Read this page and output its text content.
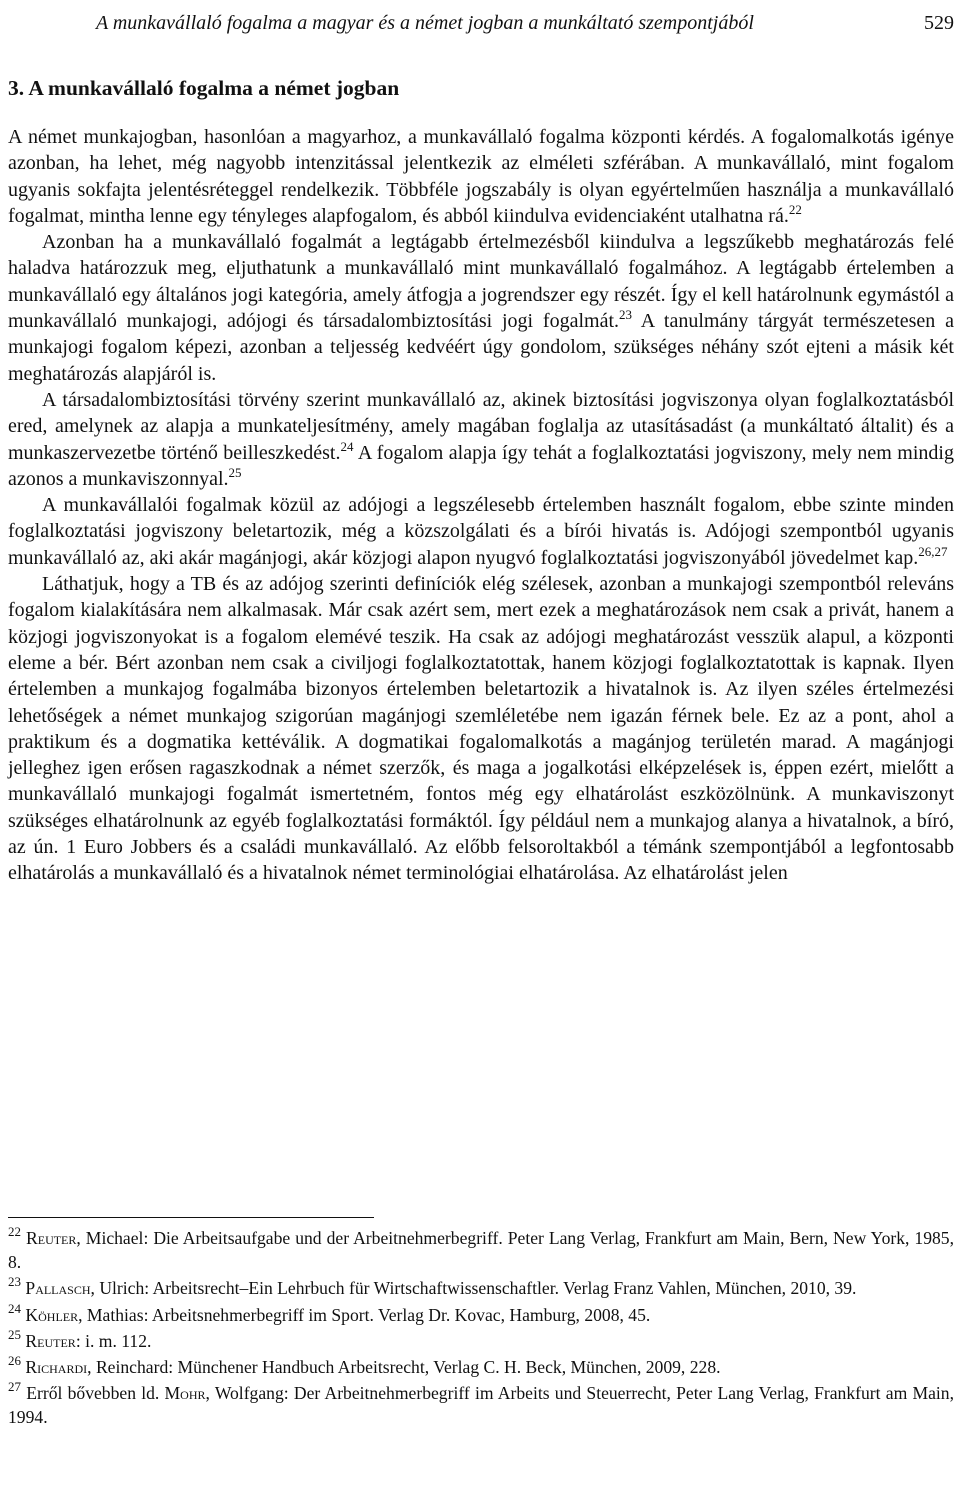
A munkavállaló fogalma a magyar és a német jogban a munkáltató szempontjából	529
3. A munkavállaló fogalma a német jogban

A német munkajogban, hasonlóan a magyarhoz, a munkavállaló fogalma központi kérdés. A fogalomalkotás igénye azonban, ha lehet, még nagyobb intenzitással jelentkezik az elméleti szférában. A munkavállaló, mint fogalom ugyanis sokfajta jelentésréteggel rendelkezik. Többféle jogszabály is olyan egyértelműen használja a munkavállaló fogalmat, mintha lenne egy tényleges alapfogalom, és abból kiindulva evidenciaként utalhatna rá.$^{22}$

Azonban ha a munkavállaló fogalmát a legtágabb értelmezésből kiindulva a legszűkebb meghatározás felé haladva határozzuk meg, eljuthatunk a munkavállaló mint munkavállaló fogalmához. A legtágabb értelemben a munkavállaló egy általános jogi kategória, amely átfogja a jogrendszer egy részét. Így el kell határolnunk egymástól a munkavállaló munkajogi, adójogi és társadalombiztosítási jogi fogalmát.$^{23}$ A tanulmány tárgyát természetesen a munkajogi fogalom képezi, azonban a teljesség kedvéért úgy gondolom, szükséges néhány szót ejteni a másik két meghatározás alapjáról is.

A társadalombiztosítási törvény szerint munkavállaló az, akinek biztosítási jogviszonya olyan foglalkoztatásból ered, amelynek az alapja a munkateljesítmény, amely magában foglalja az utasításadást (a munkáltató általit) és a munkaszervezetbe történő beilleszkedést.$^{24}$ A fogalom alapja így tehát a foglalkoztatási jogviszony, mely nem mindig azonos a munkaviszonnyal.$^{25}$

A munkavállalói fogalmak közül az adójogi a legszélesebb értelemben használt fogalom, ebbe szinte minden foglalkoztatási jogviszony beletartozik, még a közszolgálati és a bírói hivatás is. Adójogi szempontból ugyanis munkavállaló az, aki akár magánjogi, akár közjogi alapon nyugvó foglalkoztatási jogviszonyából jövedelmet kap.$^{26,27}$

Láthatjuk, hogy a TB és az adójog szerinti definíciók elég szélesek, azonban a munkajogi szempontból releváns fogalom kialakítására nem alkalmasak. Már csak azért sem, mert ezek a meghatározások nem csak a privát, hanem a közjogi jogviszonyokat is a fogalom elemévé teszik. Ha csak az adójogi meghatározást vesszük alapul, a központi eleme a bér. Bért azonban nem csak a civiljogi foglalkoztatottak, hanem közjogi foglalkoztatottak is kapnak. Ilyen értelemben a munkajog fogalmába bizonyos értelemben beletartozik a hivatalnok is. Az ilyen széles értelmezési lehetőségek a német munkajog szigorúan magánjogi szemléletébe nem igazán férnek bele. Ez az a pont, ahol a praktikum és a dogmatika kettéválik. A dogmatikai fogalomalkotás a magánjog területén marad. A magánjogi jelleghez igen erősen ragaszkodnak a német szerzők, és maga a jogalkotási elképzelések is, éppen ezért, mielőtt a munkavállaló munkajogi fogalmát ismertetném, fontos még egy elhatárolást eszközölnünk. A munkaviszonyt szükséges elhatárolnunk az egyéb foglalkoztatási formáktól. Így például nem a munkajog alanya a hivatalnok, a bíró, az ún. 1 Euro Jobbers és a családi munkavállaló. Az előbb felsoroltakból a témánk szempontjából a legfontosabb elhatárolás a munkavállaló és a hivatalnok német terminológiai elhatárolása. Az elhatárolást jelen

$^{22}$ Reuter, Michael: Die Arbeitsaufgabe und der Arbeitnehmerbegriff. Peter Lang Verlag, Frankfurt am Main, Bern, New York, 1985, 8.

$^{23}$ Pallasch, Ulrich: Arbeitsrecht–Ein Lehrbuch für Wirtschaftwissenschaftler. Verlag Franz Vahlen, München, 2010, 39.

$^{24}$ Köhler, Mathias: Arbeitsnehmerbegriff im Sport. Verlag Dr. Kovac, Hamburg, 2008, 45.

$^{25}$ Reuter: i. m. 112.

$^{26}$ Richardi, Reinchard: Münchener Handbuch Arbeitsrecht, Verlag C. H. Beck, München, 2009, 228.

$^{27}$ Erről bővebben ld. Mohr, Wolfgang: Der Arbeitnehmerbegriff im Arbeits und Steuerrecht, Peter Lang Verlag, Frankfurt am Main, 1994.
